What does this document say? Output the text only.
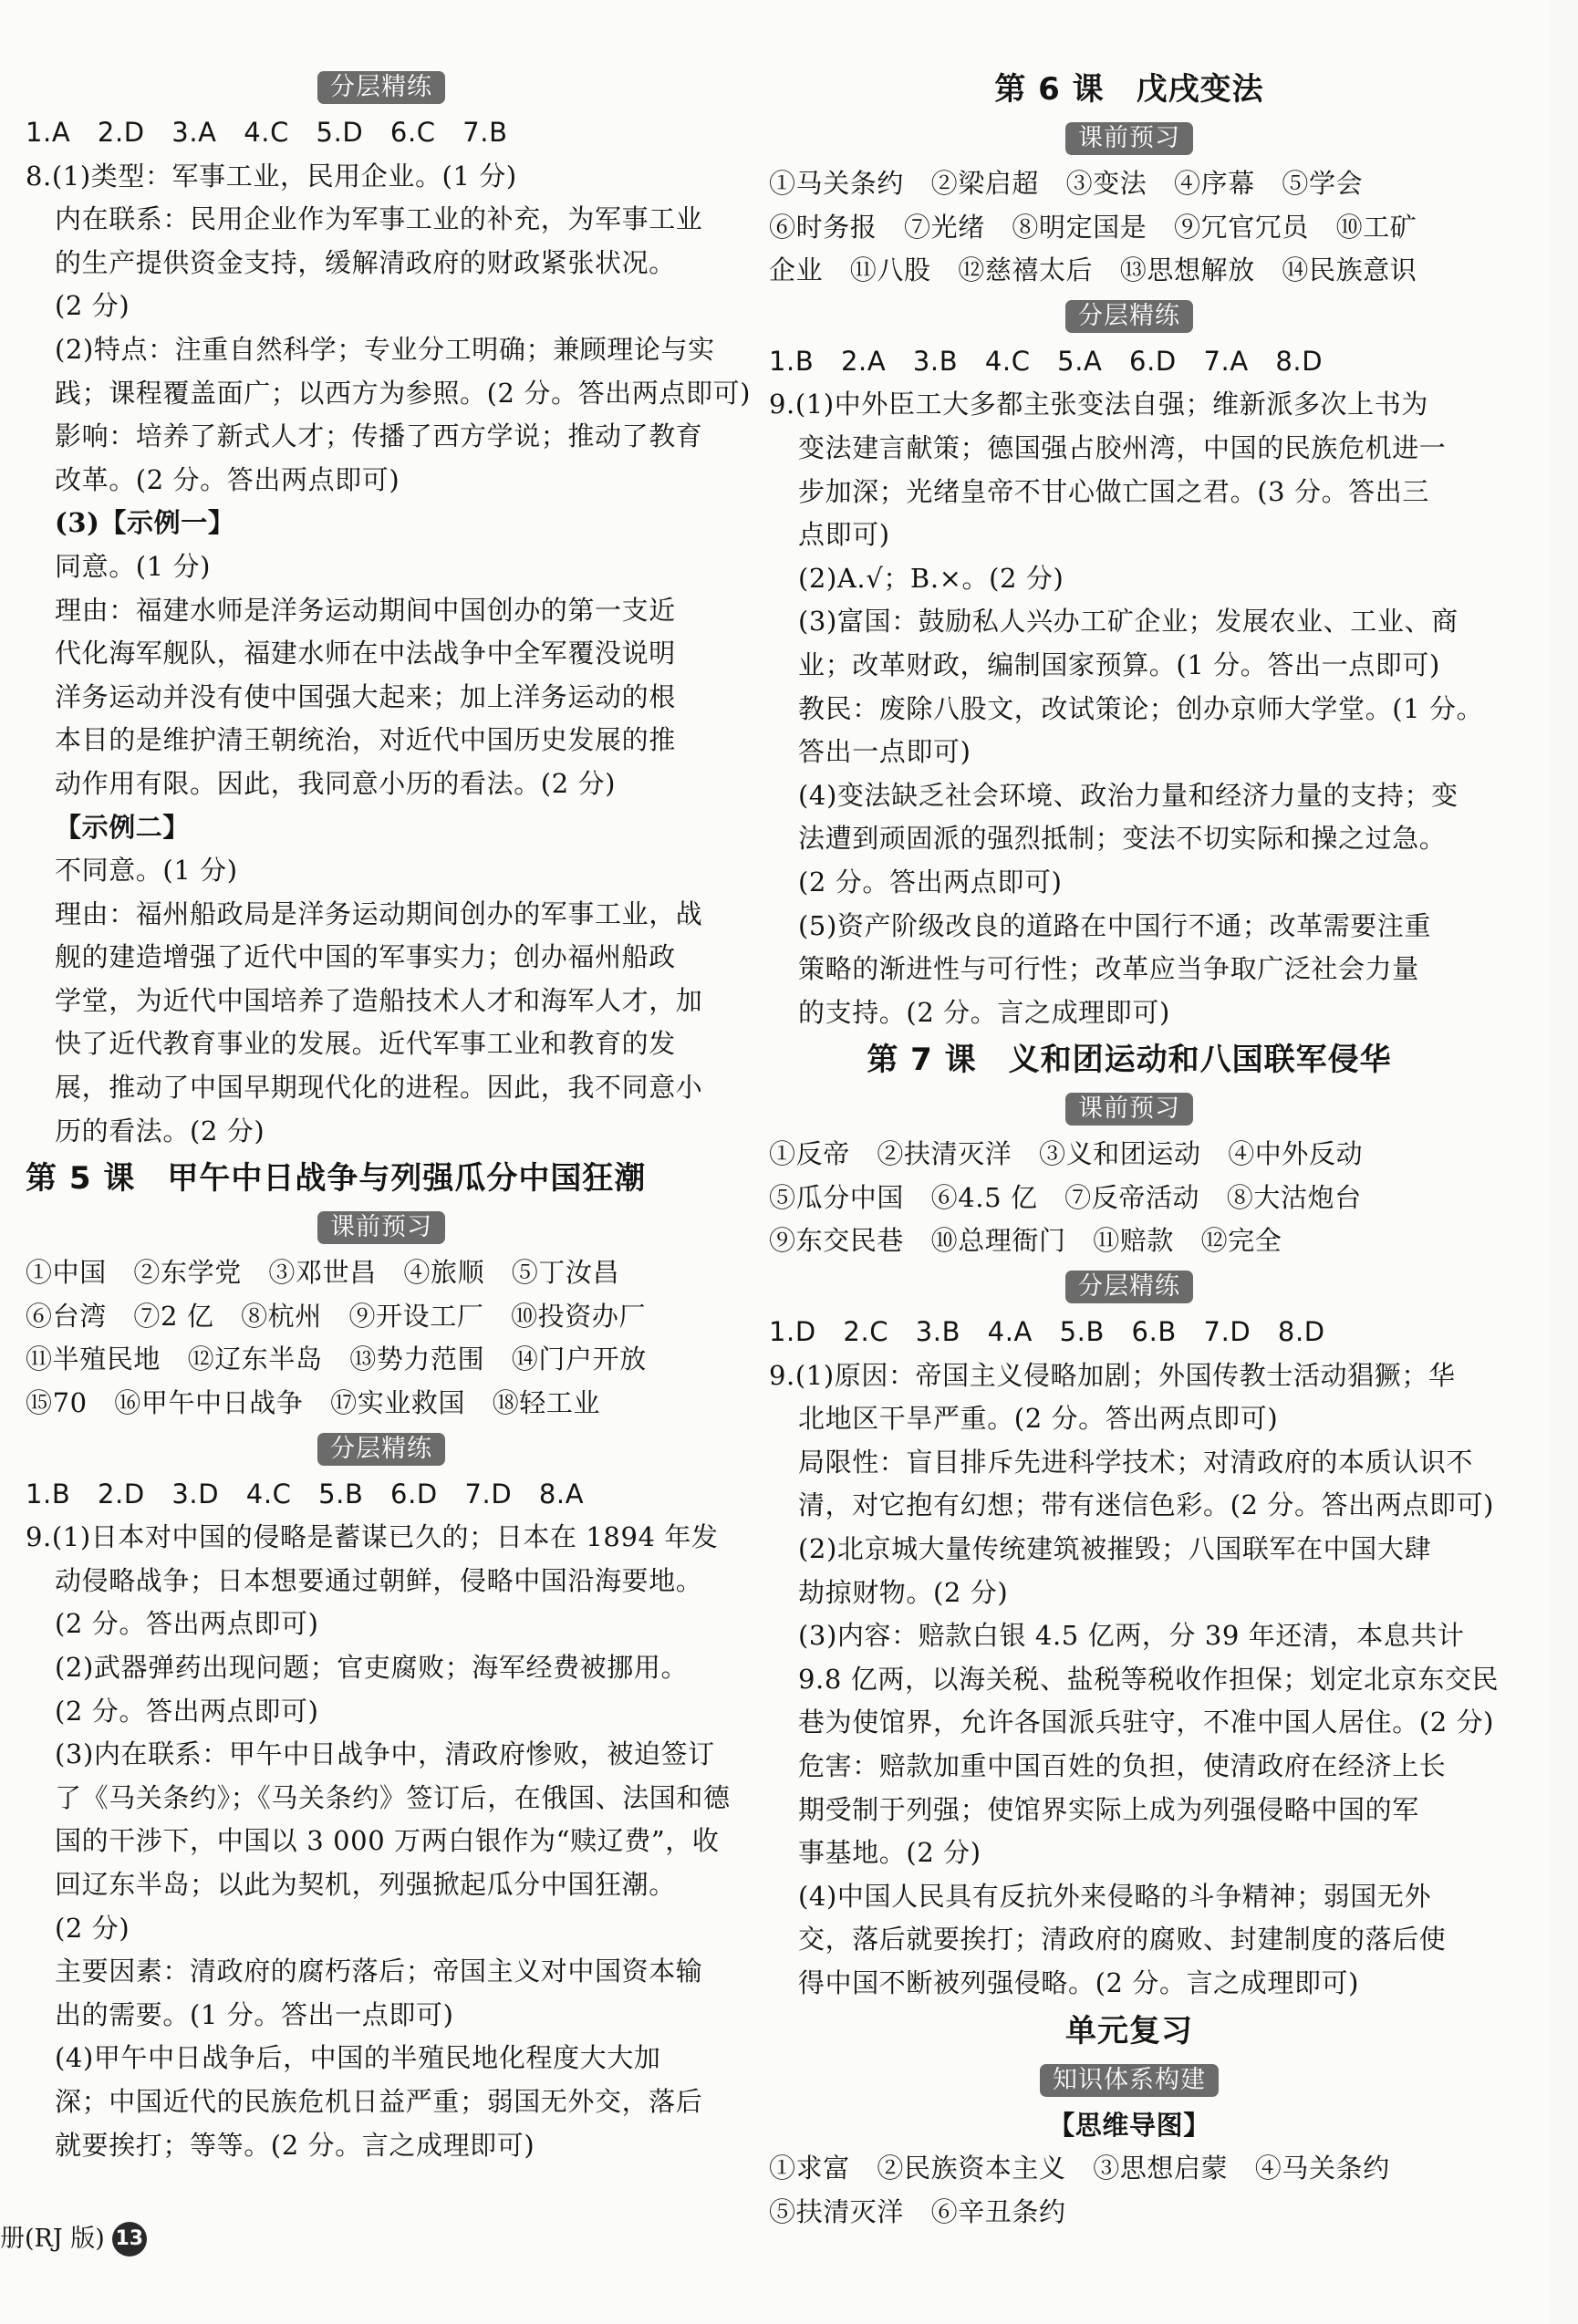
分层精练
1.A　2.D　3.A　4.C　5.D　6.C　7.B
8.(1)类型：军事工业，民用企业。(1 分)
内在联系：民用企业作为军事工业的补充，为军事工业
的生产提供资金支持，缓解清政府的财政紧张状况。
(2 分)
(2)特点：注重自然科学；专业分工明确；兼顾理论与实
践；课程覆盖面广；以西方为参照。(2 分。答出两点即可)
影响：培养了新式人才；传播了西方学说；推动了教育
改革。(2 分。答出两点即可)
(3)【示例一】
同意。(1 分)
理由：福建水师是洋务运动期间中国创办的第一支近
代化海军舰队，福建水师在中法战争中全军覆没说明
洋务运动并没有使中国强大起来；加上洋务运动的根
本目的是维护清王朝统治，对近代中国历史发展的推
动作用有限。因此，我同意小历的看法。(2 分)
【示例二】
不同意。(1 分)
理由：福州船政局是洋务运动期间创办的军事工业，战
舰的建造增强了近代中国的军事实力；创办福州船政
学堂，为近代中国培养了造船技术人才和海军人才，加
快了近代教育事业的发展。近代军事工业和教育的发
展，推动了中国早期现代化的进程。因此，我不同意小
历的看法。(2 分)
第 5 课　甲午中日战争与列强瓜分中国狂潮
课前预习
①中国　②东学党　③邓世昌　④旅顺　⑤丁汝昌
⑥台湾　⑦2 亿　⑧杭州　⑨开设工厂　⑩投资办厂
⑪半殖民地　⑫辽东半岛　⑬势力范围　⑭门户开放
⑮70　⑯甲午中日战争　⑰实业救国　⑱轻工业
分层精练
1.B　2.D　3.D　4.C　5.B　6.D　7.D　8.A
9.(1)日本对中国的侵略是蓄谋已久的；日本在 1894 年发
动侵略战争；日本想要通过朝鲜，侵略中国沿海要地。
(2 分。答出两点即可)
(2)武器弹药出现问题；官吏腐败；海军经费被挪用。
(2 分。答出两点即可)
(3)内在联系：甲午中日战争中，清政府惨败，被迫签订
了《马关条约》；《马关条约》签订后，在俄国、法国和德
国的干涉下，中国以 3 000 万两白银作为“赎辽费”，收
回辽东半岛；以此为契机，列强掀起瓜分中国狂潮。
(2 分)
主要因素：清政府的腐朽落后；帝国主义对中国资本输
出的需要。(1 分。答出一点即可)
(4)甲午中日战争后，中国的半殖民地化程度大大加
深；中国近代的民族危机日益严重；弱国无外交，落后
就要挨打；等等。(2 分。言之成理即可)
第 6 课　戊戌变法
课前预习
①马关条约　②梁启超　③变法　④序幕　⑤学会
⑥时务报　⑦光绪　⑧明定国是　⑨冗官冗员　⑩工矿
企业　⑪八股　⑫慈禧太后　⑬思想解放　⑭民族意识
分层精练
1.B　2.A　3.B　4.C　5.A　6.D　7.A　8.D
9.(1)中外臣工大多都主张变法自强；维新派多次上书为
变法建言献策；德国强占胶州湾，中国的民族危机进一
步加深；光绪皇帝不甘心做亡国之君。(3 分。答出三
点即可)
(2)A.√；B.×。(2 分)
(3)富国：鼓励私人兴办工矿企业；发展农业、工业、商
业；改革财政，编制国家预算。(1 分。答出一点即可)
教民：废除八股文，改试策论；创办京师大学堂。(1 分。
答出一点即可)
(4)变法缺乏社会环境、政治力量和经济力量的支持；变
法遭到顽固派的强烈抵制；变法不切实际和操之过急。
(2 分。答出两点即可)
(5)资产阶级改良的道路在中国行不通；改革需要注重
策略的渐进性与可行性；改革应当争取广泛社会力量
的支持。(2 分。言之成理即可)
第 7 课　义和团运动和八国联军侵华
课前预习
①反帝　②扶清灭洋　③义和团运动　④中外反动
⑤瓜分中国　⑥4.5 亿　⑦反帝活动　⑧大沽炮台
⑨东交民巷　⑩总理衙门　⑪赔款　⑫完全
分层精练
1.D　2.C　3.B　4.A　5.B　6.B　7.D　8.D
9.(1)原因：帝国主义侵略加剧；外国传教士活动猖獗；华
北地区干旱严重。(2 分。答出两点即可)
局限性：盲目排斥先进科学技术；对清政府的本质认识不
清，对它抱有幻想；带有迷信色彩。(2 分。答出两点即可)
(2)北京城大量传统建筑被摧毁；八国联军在中国大肆
劫掠财物。(2 分)
(3)内容：赔款白银 4.5 亿两，分 39 年还清，本息共计
9.8 亿两，以海关税、盐税等税收作担保；划定北京东交民
巷为使馆界，允许各国派兵驻守，不准中国人居住。(2 分)
危害：赔款加重中国百姓的负担，使清政府在经济上长
期受制于列强；使馆界实际上成为列强侵略中国的军
事基地。(2 分)
(4)中国人民具有反抗外来侵略的斗争精神；弱国无外
交，落后就要挨打；清政府的腐败、封建制度的落后使
得中国不断被列强侵略。(2 分。言之成理即可)
单元复习
知识体系构建
【思维导图】
①求富　②民族资本主义　③思想启蒙　④马关条约
⑤扶清灭洋　⑥辛丑条约
册(RJ 版) 13
